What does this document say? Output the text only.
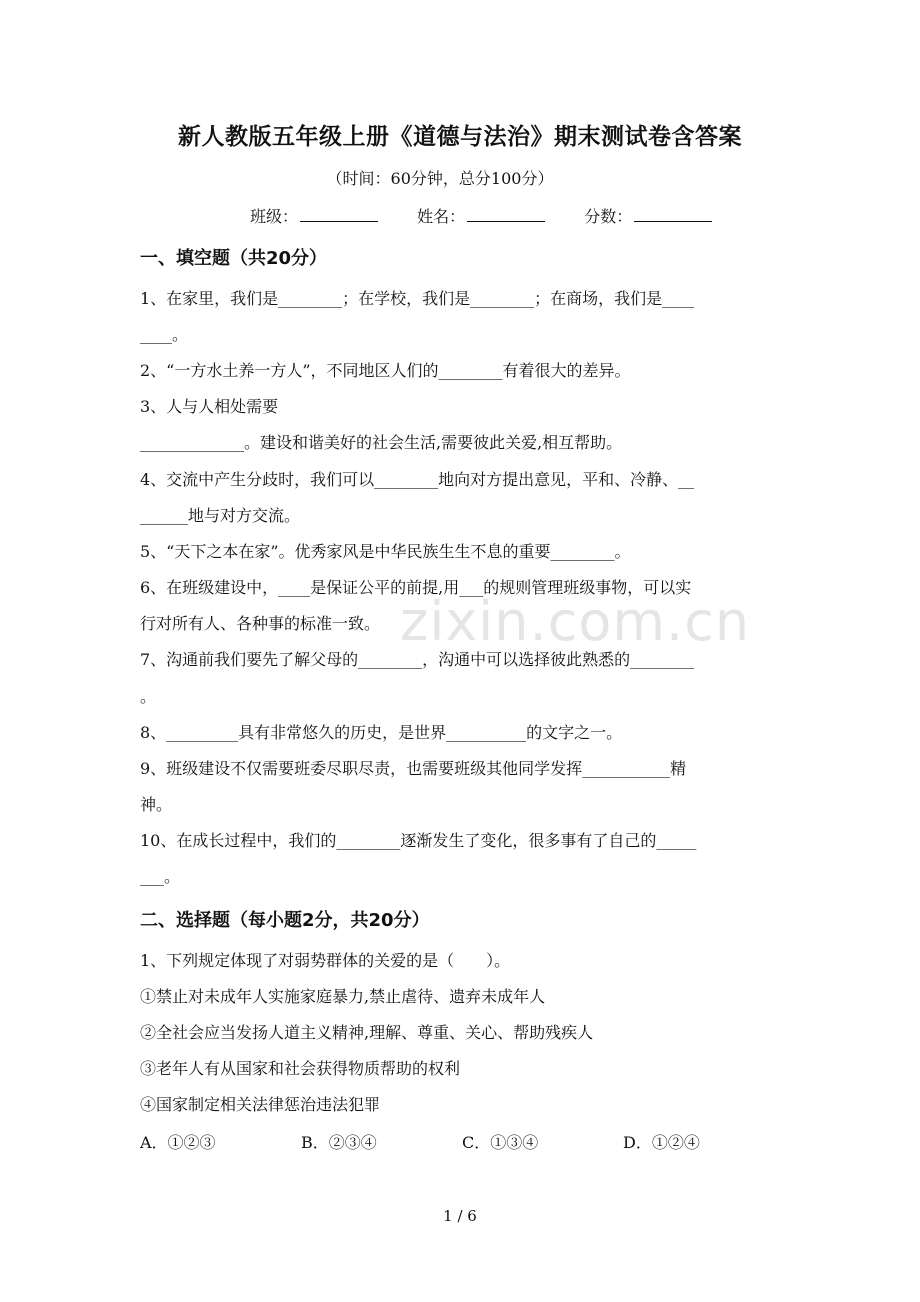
新人教版五年级上册《道德与法治》期末测试卷含答案
（时间：60分钟，总分100分）
班级：	姓名：	分数：
一、填空题（共20分）
1、在家里，我们是________；在学校，我们是________；在商场，我们是____
____。
2、“一方水土养一方人”，不同地区人们的________有着很大的差异。
3、人与人相处需要
_____________。建设和谐美好的社会生活,需要彼此关爱,相互帮助。
4、交流中产生分歧时，我们可以________地向对方提出意见，平和、冷静、__
______地与对方交流。
5、“天下之本在家”。优秀家风是中华民族生生不息的重要________。
6、在班级建设中，____是保证公平的前提,用___的规则管理班级事物，可以实
行对所有人、各种事的标准一致。
7、沟通前我们要先了解父母的________，沟通中可以选择彼此熟悉的________
。
8、_________具有非常悠久的历史，是世界__________的文字之一。
9、班级建设不仅需要班委尽职尽责，也需要班级其他同学发挥___________精
神。
10、在成长过程中，我们的________逐渐发生了变化，很多事有了自己的_____
___。
二、选择题（每小题2分，共20分）
1、下列规定体现了对弱势群体的关爱的是（　　）。
①禁止对未成年人实施家庭暴力,禁止虐待、遗弃未成年人
②全社会应当发扬人道主义精神,理解、尊重、关心、帮助残疾人
③老年人有从国家和社会获得物质帮助的权利
④国家制定相关法律惩治违法犯罪
A．①②③	B．②③④	C．①③④	D．①②④
zixin.com.cn
1 / 6
